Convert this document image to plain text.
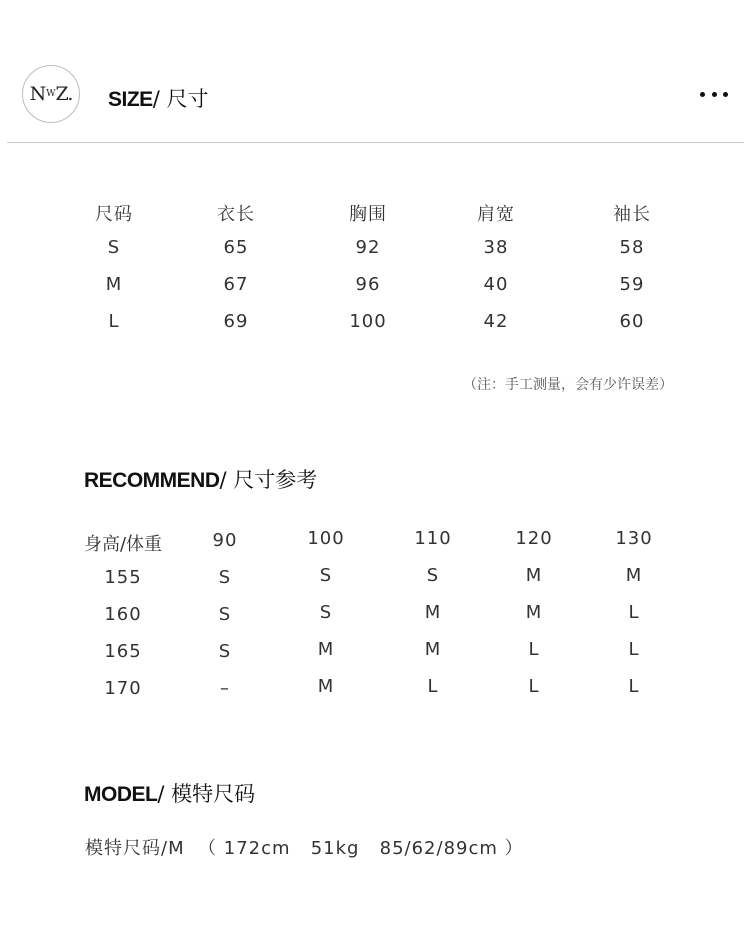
N W Z. SIZE/ 尺寸
尺码	衣长	胸围	肩宽	袖长
S	65	92	38	58
M	67	96	40	59
L	69	100	42	60
（注：手工测量，会有少许误差）
RECOMMEND/ 尺寸参考
身高/体重	90	100	110	120	130
155	S	S	S	M	M
160	S	S	M	M	L
165	S	M	M	L	L
170	–	M	L	L	L
MODEL/ 模特尺码
模特尺码/M  （ 172cm   51kg   85/62/89cm ）
